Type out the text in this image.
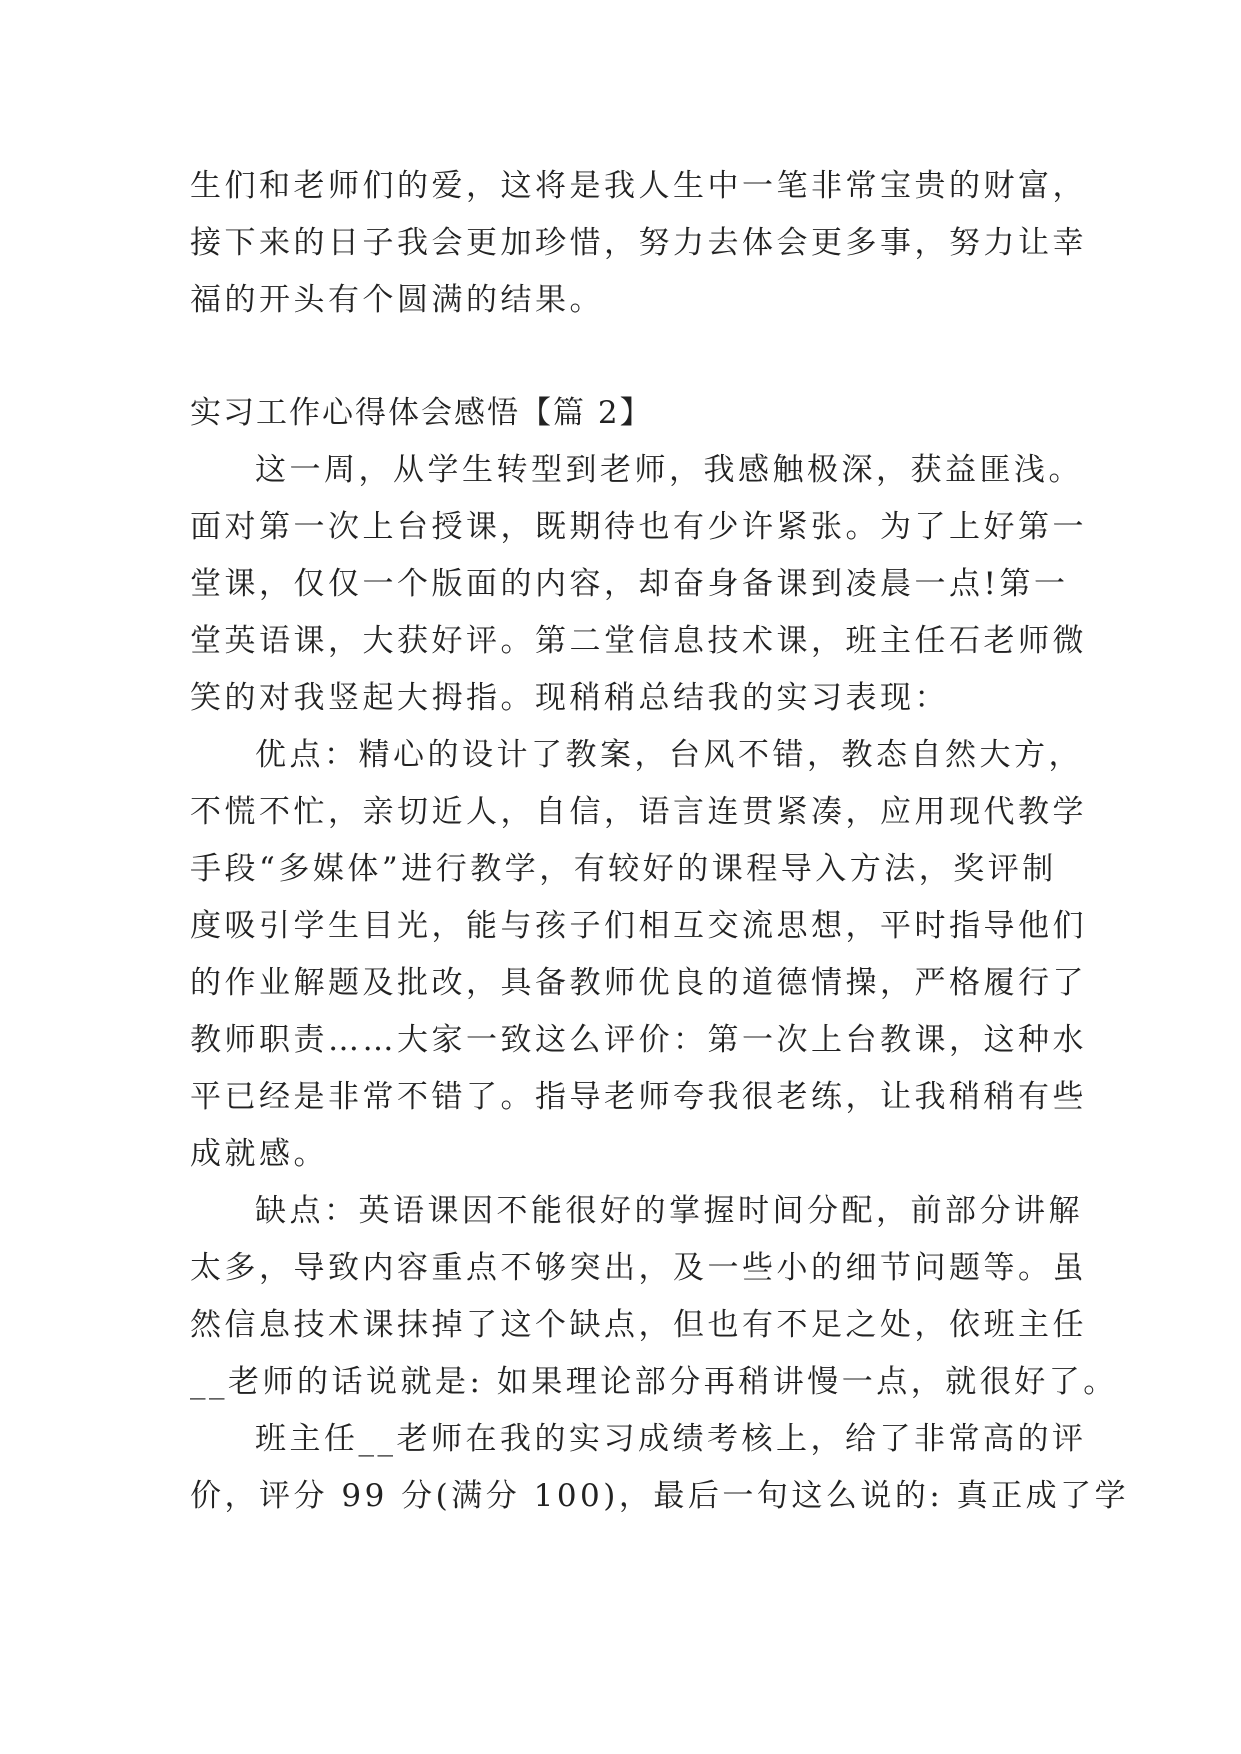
生们和老师们的爱，这将是我人生中一笔非常宝贵的财富，
接下来的日子我会更加珍惜，努力去体会更多事，努力让幸
福的开头有个圆满的结果。
实习工作心得体会感悟【篇 2】
这一周，从学生转型到老师，我感触极深，获益匪浅。
面对第一次上台授课，既期待也有少许紧张。为了上好第一
堂课，仅仅一个版面的内容，却奋身备课到凌晨一点!第一
堂英语课，大获好评。第二堂信息技术课，班主任石老师微
笑的对我竖起大拇指。现稍稍总结我的实习表现：
优点：精心的设计了教案，台风不错，教态自然大方，
不慌不忙，亲切近人，自信，语言连贯紧凑，应用现代教学
手段“多媒体”进行教学，有较好的课程导入方法，奖评制
度吸引学生目光，能与孩子们相互交流思想，平时指导他们
的作业解题及批改，具备教师优良的道德情操，严格履行了
教师职责……大家一致这么评价：第一次上台教课，这种水
平已经是非常不错了。指导老师夸我很老练，让我稍稍有些
成就感。
缺点：英语课因不能很好的掌握时间分配，前部分讲解
太多，导致内容重点不够突出，及一些小的细节问题等。虽
然信息技术课抹掉了这个缺点，但也有不足之处，依班主任
__老师的话说就是: 如果理论部分再稍讲慢一点，就很好了。
班主任__老师在我的实习成绩考核上，给了非常高的评
价，评分 99 分(满分 100)，最后一句这么说的: 真正成了学
